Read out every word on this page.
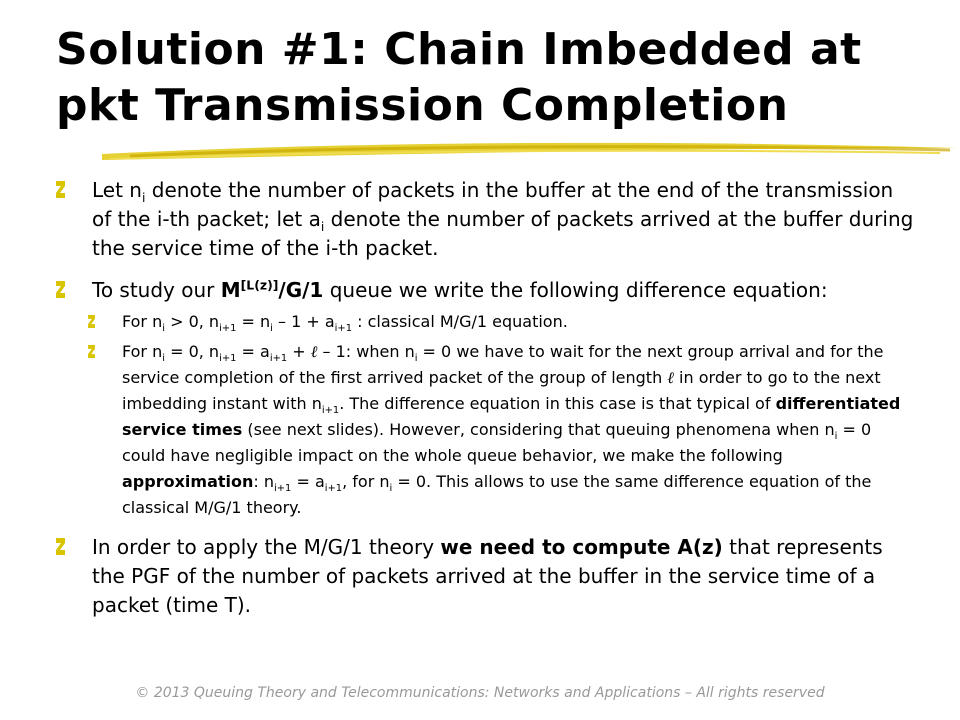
Solution #1: Chain Imbedded at
pkt Transmission Completion
Let $n_i$ denote the number of packets in the buffer at the end of the transmission of the i-th packet; let $a_i$ denote the number of packets arrived at the buffer during the service time of the i-th packet.
To study our M[L(z)]/G/1 queue we write the following difference equation:
For $n_i > 0$, $n_{i+1} = n_i - 1 + a_{i+1}$ : classical M/G/1 equation.
For $n_i = 0$, $n_{i+1} = a_{i+1}$ + ℓ – 1: when $n_i = 0$ we have to wait for the next group arrival and for the service completion of the first arrived packet of the group of length ℓ in order to go to the next imbedding instant with $n_{i+1}$. The difference equation in this case is that typical of differentiated service times (see next slides). However, considering that queuing phenomena when $n_i = 0$ could have negligible impact on the whole queue behavior, we make the following approximation: $n_{i+1} = a_{i+1}$, for $n_i = 0$. This allows to use the same difference equation of the classical M/G/1 theory.
In order to apply the M/G/1 theory we need to compute A(z) that represents the PGF of the number of packets arrived at the buffer in the service time of a packet (time T).
© 2013 Queuing Theory and Telecommunications: Networks and Applications – All rights reserved
